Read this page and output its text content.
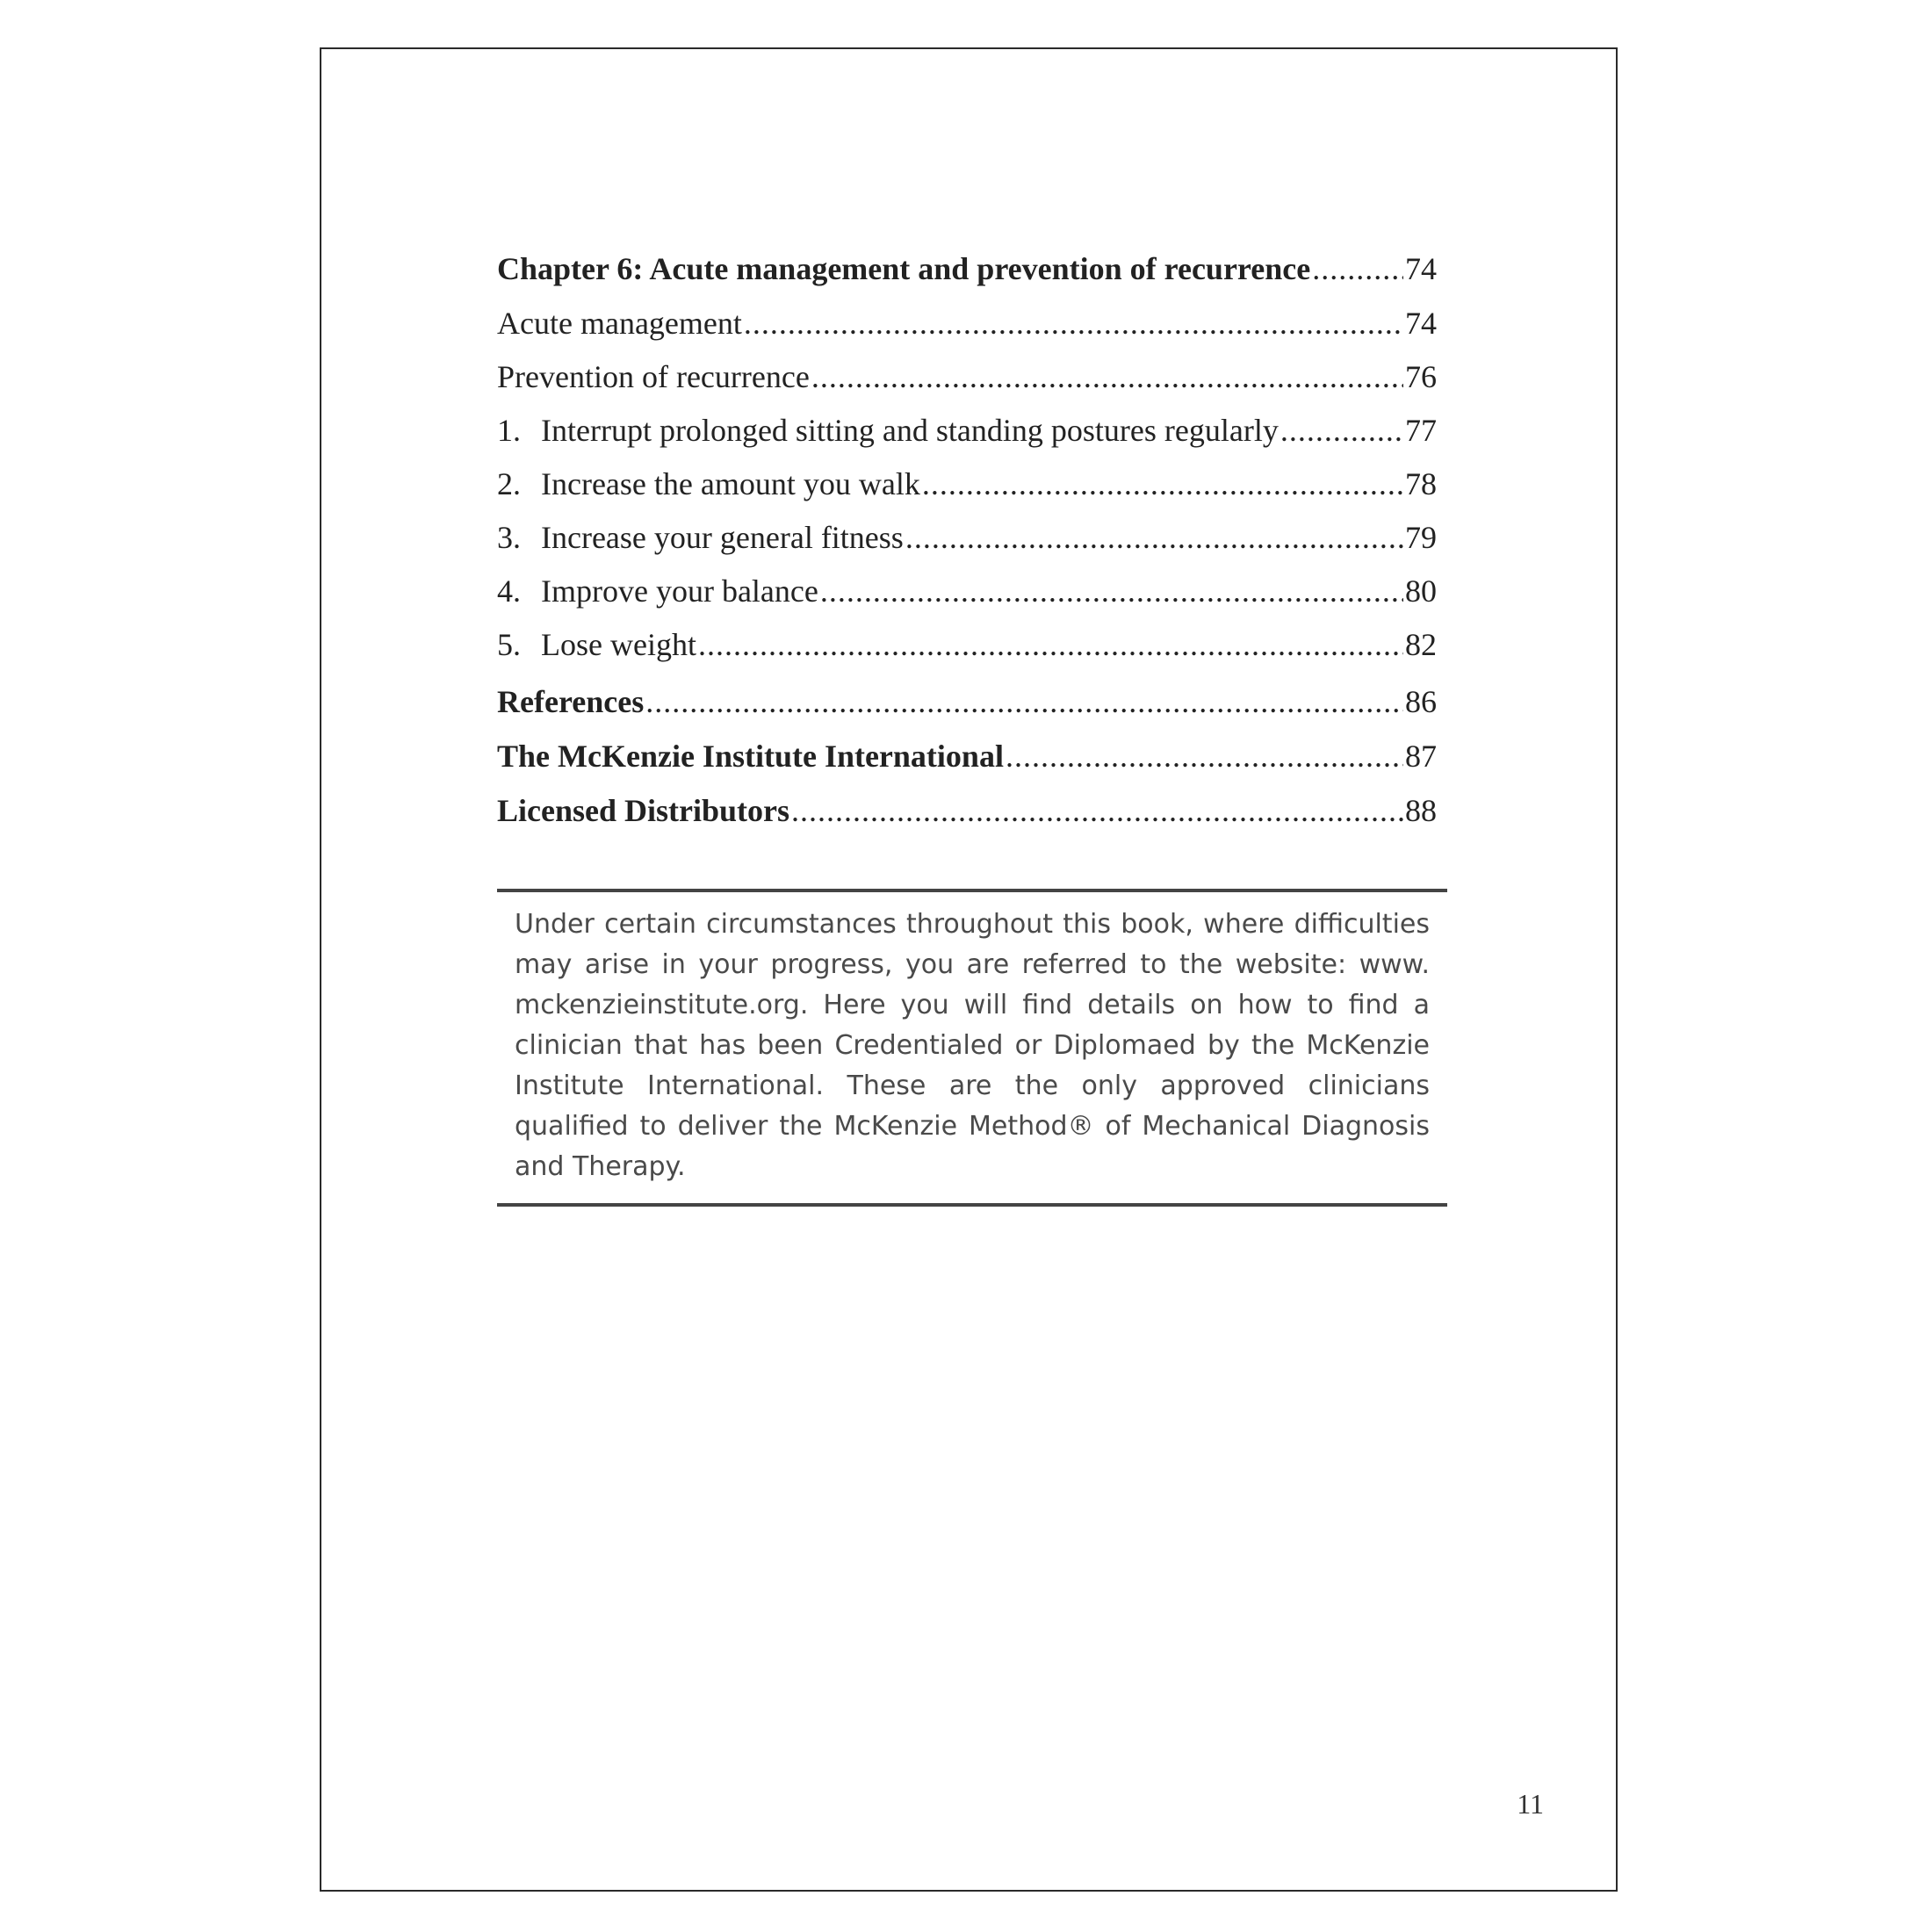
Chapter 6: Acute management and prevention of recurrence .....	74
Acute management .....	74
Prevention of recurrence .....	76
1. Interrupt prolonged sitting and standing postures regularly .....	77
2. Increase the amount you walk .....	78
3. Increase your general fitness .....	79
4. Improve your balance .....	80
5. Lose weight .....	82
References .....	86
The McKenzie Institute International .....	87
Licensed Distributors .....	88

Under certain circumstances throughout this book, where difficulties may arise in your progress, you are referred to the website: www. mckenzieinstitute.org. Here you will find details on how to find a clinician that has been Credentialed or Diplomaed by the McKenzie Institute International. These are the only approved clinicians qualified to deliver the McKenzie Method® of Mechanical Diagnosis and Therapy.

11
